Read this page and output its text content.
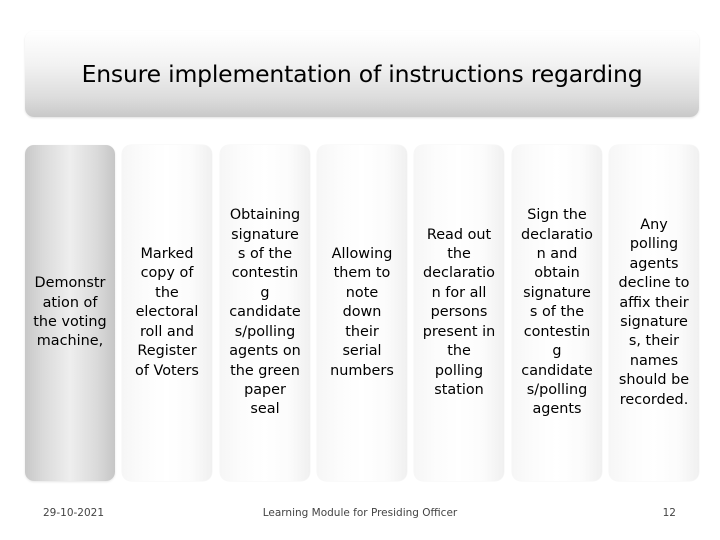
Ensure implementation of instructions regarding
Demonstr
ation of
the voting
machine,
Marked
copy of
the
electoral
roll and
Register
of Voters
Obtaining
signature
s of the
contestin
g
candidate
s/polling
agents on
the green
paper
seal
Allowing
them to
note
down
their
serial
numbers
Read out
the
declaratio
n for all
persons
present in
the
polling
station
Sign the
declaratio
n and
obtain
signature
s of the
contestin
g
candidate
s/polling
agents
Any
polling
agents
decline to
affix their
signature
s, their
names
should be
recorded.
29-10-2021	Learning Module for Presiding Officer	12
